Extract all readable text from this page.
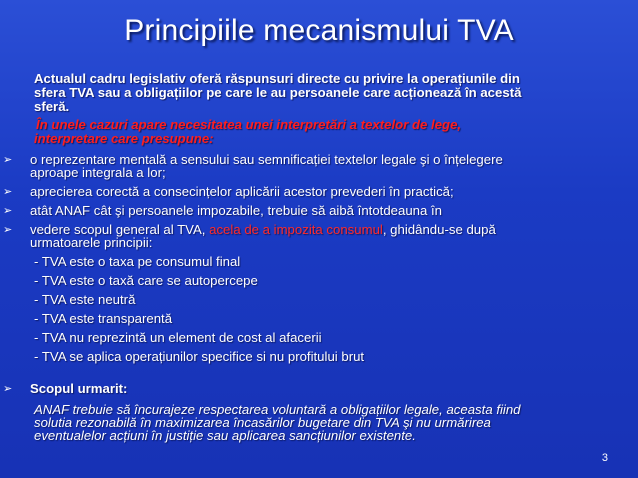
Principiile mecanismului TVA
Actualul cadru legislativ oferă răspunsuri directe cu privire la operațiunile din
sfera TVA sau a obligațiilor pe care le au persoanele care acționează în acestă
sferă.
În unele cazuri apare necesitatea unei interpretări a textelor de lege,
interpretare care presupune:
➢ o reprezentare mentală a sensului sau semnificației textelor legale şi o înțelegere
aproape integrala a lor;
➢ aprecierea corectă a consecințelor aplicării acestor prevederi în practică;
➢ atât ANAF cât şi persoanele impozabile, trebuie să aibă întotdeauna în
➢ vedere scopul general al TVA, acela de a impozita consumul, ghidându-se după
urmatoarele principii:
- TVA este o taxa pe consumul final
- TVA este o taxă care se autopercepe
- TVA este neutră
- TVA este transparentă
- TVA nu reprezintă un element de cost al afacerii
- TVA se aplica operațiunilor specifice si nu profitului brut
➢ Scopul urmarit:
ANAF trebuie să încurajeze respectarea voluntară a obligațiilor legale, aceasta fiind
solutia rezonabilă în maximizarea încasărilor bugetare din TVA şi nu urmărirea
eventualelor acțiuni în justiție sau aplicarea sancțiunilor existente.
3
